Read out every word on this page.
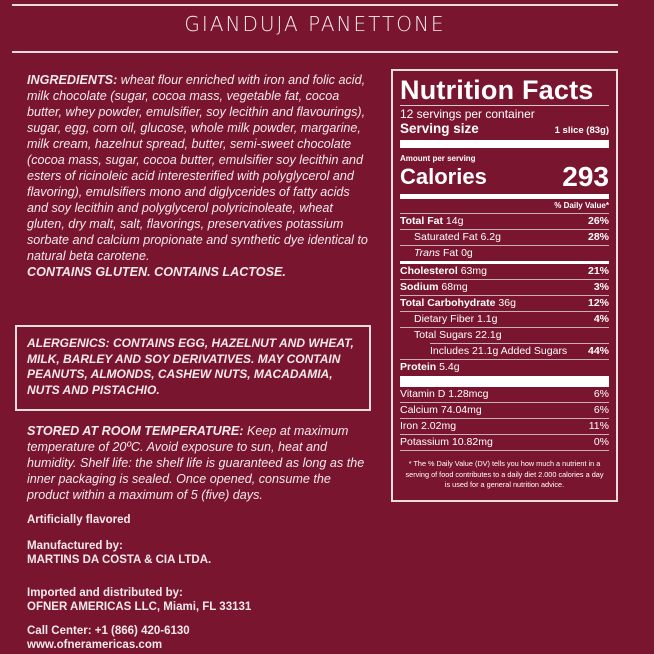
GIANDUJA PANETTONE
INGREDIENTS: wheat flour enriched with iron and folic acid, milk chocolate (sugar, cocoa mass, vegetable fat, cocoa butter, whey powder, emulsifier, soy lecithin and flavourings), sugar, egg, corn oil, glucose, whole milk powder, margarine, milk cream, hazelnut spread, butter, semi-sweet chocolate (cocoa mass, sugar, cocoa butter, emulsifier soy lecithin and esters of ricinoleic acid interesterified with polyglycerol and flavoring), emulsifiers mono and diglycerides of fatty acids and soy lecithin and polyglycerol polyricinoleate, wheat gluten, dry malt, salt, flavorings, preservatives potassium sorbate and calcium propionate and synthetic dye identical to natural beta carotene.
CONTAINS GLUTEN. CONTAINS LACTOSE.
ALERGENICS: CONTAINS EGG, HAZELNUT AND WHEAT, MILK, BARLEY AND SOY DERIVATIVES. MAY CONTAIN PEANUTS, ALMONDS, CASHEW NUTS, MACADAMIA, NUTS AND PISTACHIO.
STORED AT ROOM TEMPERATURE: Keep at maximum temperature of 20ºC. Avoid exposure to sun, heat and humidity. Shelf life: the shelf life is guaranteed as long as the inner packaging is sealed. Once opened, consume the product within a maximum of 5 (five) days.
Artificially flavored
Manufactured by:
MARTINS DA COSTA & CIA LTDA.
Imported and distributed by:
OFNER AMERICAS LLC, Miami, FL 33131
Call Center: +1 (866) 420-6130
www.ofneramericas.com
Nutrition Facts
12 servings per container
Serving size	1 slice (83g)
Amount per serving
Calories	293
% Daily Value*
Total Fat 14g	26%
Saturated Fat 6.2g	28%
Trans Fat 0g
Cholesterol 63mg	21%
Sodium 68mg	3%
Total Carbohydrate 36g	12%
Dietary Fiber 1.1g	4%
Total Sugars 22.1g
Includes 21.1g Added Sugars 44%
Protein 5.4g
Vitamin D 1.28mcg	6%
Calcium 74.04mg	6%
Iron 2.02mg	11%
Potassium 10.82mg	0%
* The % Daily Value (DV) tells you how much a nutrient in a serving of food contributes to a daily diet 2.000 calories a day is used for a general nutrition advice.
